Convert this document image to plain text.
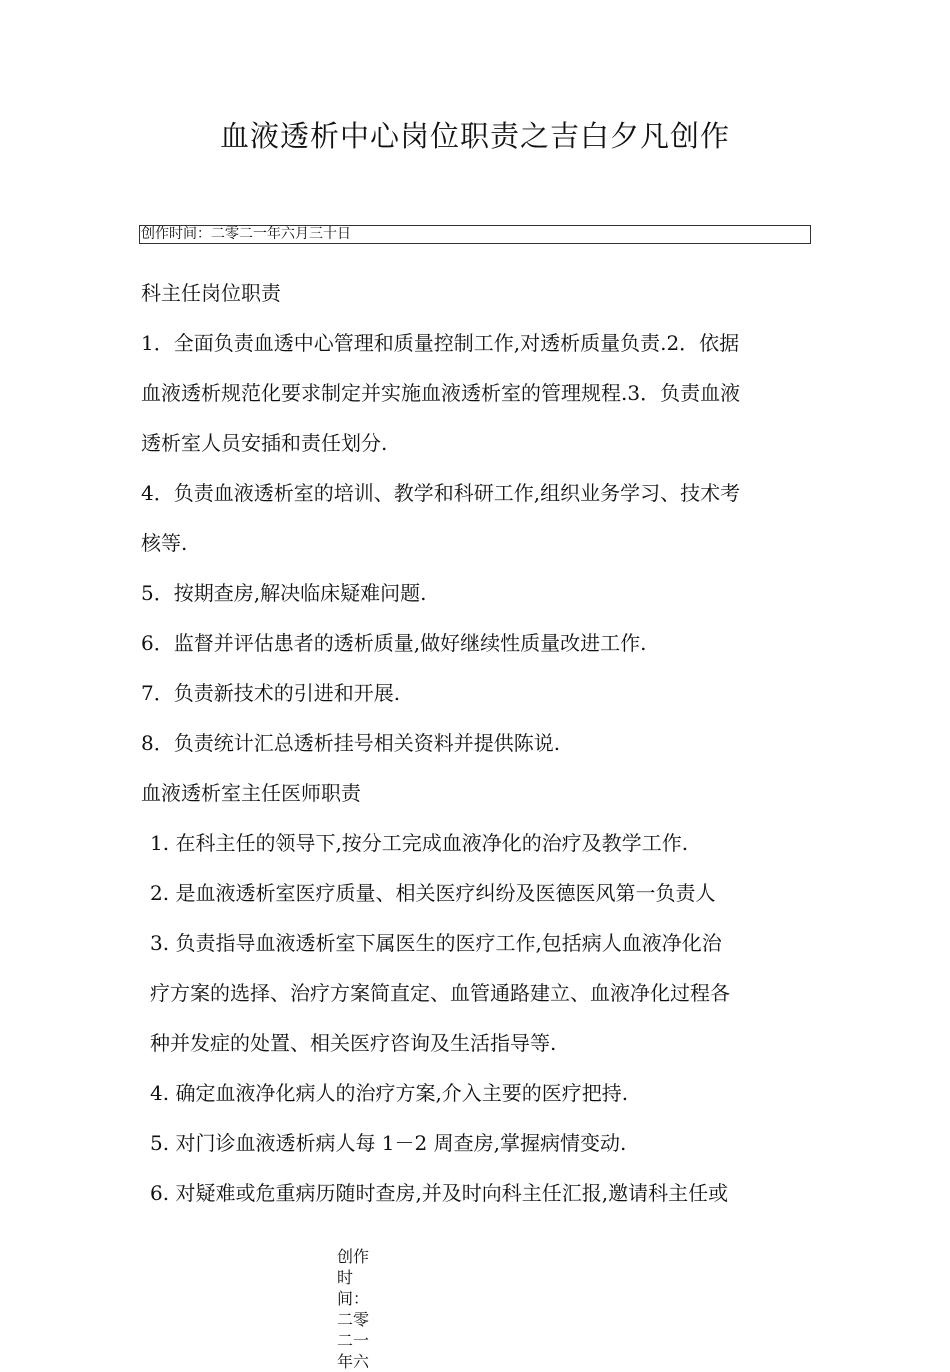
血液透析中心岗位职责之吉白夕凡创作
创作时间：二零二一年六月三十日
科主任岗位职责
1．全面负责血透中心管理和质量控制工作,对透析质量负责.2．依据
血液透析规范化要求制定并实施血液透析室的管理规程.3．负责血液
透析室人员安插和责任划分.
4．负责血液透析室的培训、教学和科研工作,组织业务学习、技术考
核等.
5．按期查房,解决临床疑难问题.
6．监督并评估患者的透析质量,做好继续性质量改进工作.
7．负责新技术的引进和开展.
8．负责统计汇总透析挂号相关资料并提供陈说.
血液透析室主任医师职责
1. 在科主任的领导下,按分工完成血液净化的治疗及教学工作.
2. 是血液透析室医疗质量、相关医疗纠纷及医德医风第一负责人
3. 负责指导血液透析室下属医生的医疗工作,包括病人血液净化治
疗方案的选择、治疗方案简直定、血管通路建立、血液净化过程各
种并发症的处置、相关医疗咨询及生活指导等.
4. 确定血液净化病人的治疗方案,介入主要的医疗把持.
5. 对门诊血液透析病人每 1－2 周查房,掌握病情变动.
6. 对疑难或危重病历随时查房,并及时向科主任汇报,邀请科主任或
创作时间：二零二一年六
